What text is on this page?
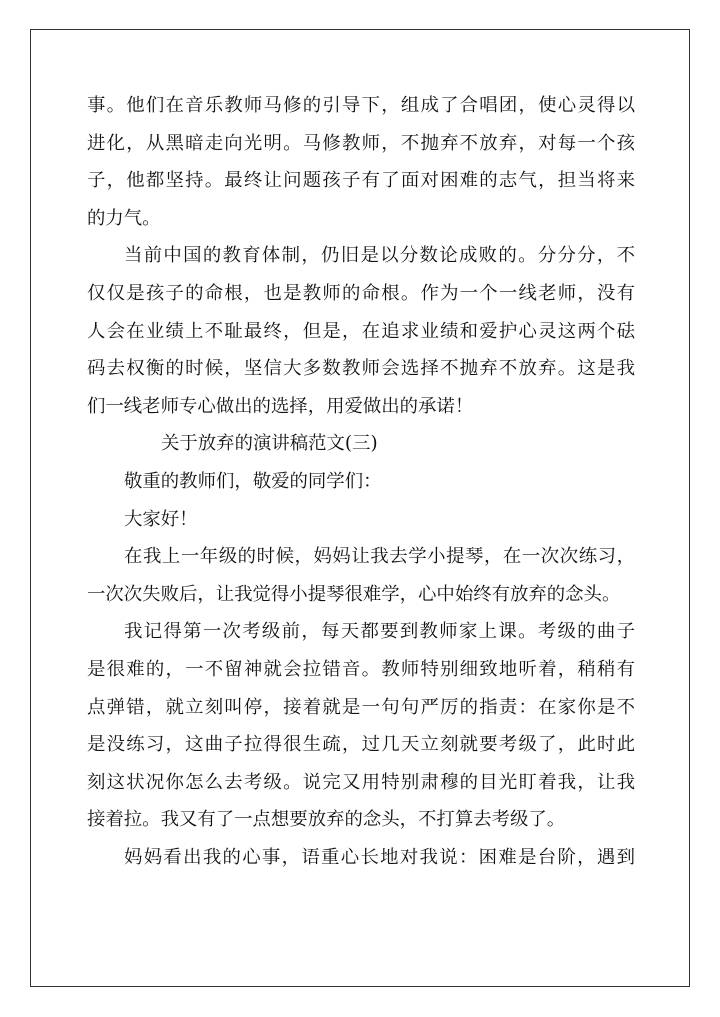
事。他们在音乐教师马修的引导下，组成了合唱团，使心灵得以
进化，从黑暗走向光明。马修教师，不抛弃不放弃，对每一个孩
子，他都坚持。最终让问题孩子有了面对困难的志气，担当将来
的力气。
当前中国的教育体制，仍旧是以分数论成败的。分分分，不
仅仅是孩子的命根，也是教师的命根。作为一个一线老师，没有
人会在业绩上不耻最终，但是，在追求业绩和爱护心灵这两个砝
码去权衡的时候，坚信大多数教师会选择不抛弃不放弃。这是我
们一线老师专心做出的选择，用爱做出的承诺！
关于放弃的演讲稿范文(三)
敬重的教师们，敬爱的同学们：
大家好！
在我上一年级的时候，妈妈让我去学小提琴，在一次次练习，
一次次失败后，让我觉得小提琴很难学，心中始终有放弃的念头。
我记得第一次考级前，每天都要到教师家上课。考级的曲子
是很难的，一不留神就会拉错音。教师特别细致地听着，稍稍有
点弹错，就立刻叫停，接着就是一句句严厉的指责：在家你是不
是没练习，这曲子拉得很生疏，过几天立刻就要考级了，此时此
刻这状况你怎么去考级。说完又用特别肃穆的目光盯着我，让我
接着拉。我又有了一点想要放弃的念头，不打算去考级了。
妈妈看出我的心事，语重心长地对我说：困难是台阶，遇到
